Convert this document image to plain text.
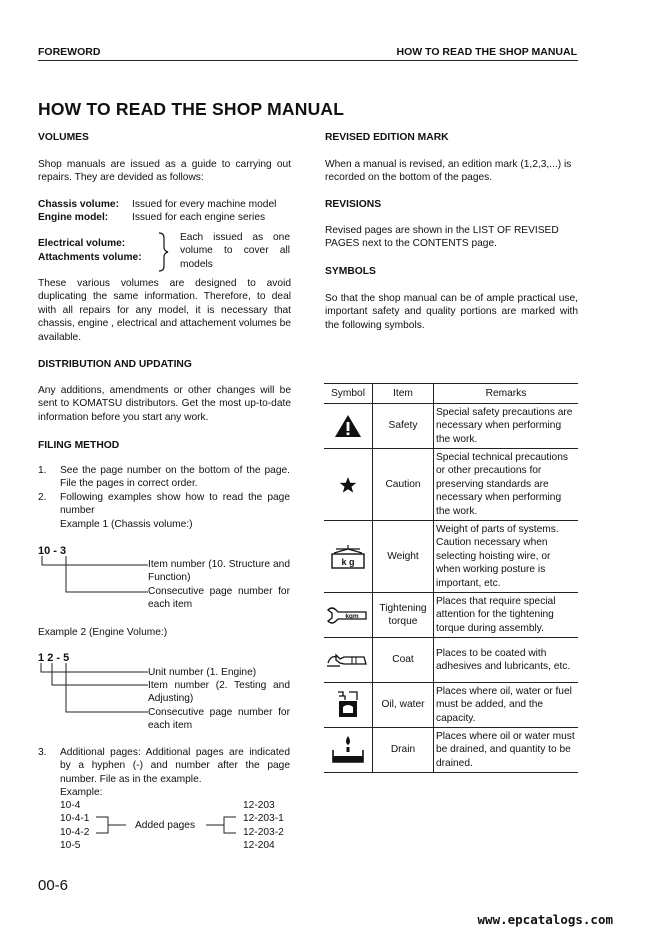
FOREWORD	HOW TO READ THE SHOP MANUAL
HOW TO READ THE SHOP MANUAL
VOLUMES
Shop manuals are issued as a guide to carrying out repairs. They are devided as follows:
Chassis volume: Issued for every machine model
Engine model: Issued for each engine series
Electrical volume:
Attachments volume:
Each issued as one volume to cover all models
These various volumes are designed to avoid duplicating the same information. Therefore, to deal with all repairs for any model, it is necessary that chassis, engine , electrical and attachement volumes be available.
DISTRIBUTION AND UPDATING
Any additions, amendments or other changes will be sent to KOMATSU distributors. Get the most up-to-date information before you start any work.
FILING METHOD
1. See the page number on the bottom of the page. File the pages in correct order.
2. Following examples show how to read the page number
Example 1 (Chassis volume:)
10 - 3
Item number (10. Structure and Function)
Consecutive page number for each item
Example 2 (Engine Volume:)
1 2 - 5
Unit number (1. Engine)
Item number (2. Testing and Adjusting)
Consecutive page number for each item
3. Additional pages: Additional pages are indicated by a hyphen (-) and number after the page number. File as in the example.
Example:
10-4
10-4-1
10-4-2
10-5
Added pages
12-203
12-203-1
12-203-2
12-204
REVISED EDITION MARK
When a manual is revised, an edition mark (1,2,3,...) is recorded on the bottom of the pages.
REVISIONS
Revised pages are shown in the LIST OF REVISED PAGES next to the CONTENTS page.
SYMBOLS
So that the shop manual can be of ample practical use, important safety and quality portions are marked with the following symbols.
Symbol	Item	Remarks
	Safety	Special safety precautions are necessary when performing the work.
	Caution	Special technical precautions or other precautions for preserving standards are necessary when performing the work.

k g	Weight	Weight of parts of systems. Caution necessary when selecting hoisting wire, or when working posture is important, etc.

kgm	Tightening torque	Places that require special attention for the tightening torque during assembly.
	Coat	Places to be coated with adhesives and lubricants, etc.
	Oil, water	Places where oil, water or fuel must be added, and the capacity.
	Drain	Places where oil or water must be drained, and quantity to be drained.
00-6
www.epcatalogs.com
